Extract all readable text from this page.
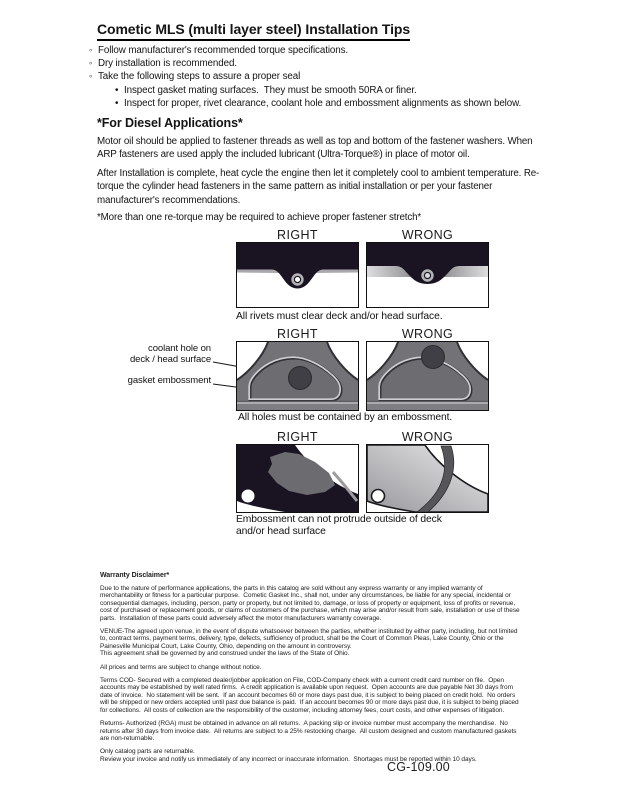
Cometic MLS (multi layer steel) Installation Tips
◦ Follow manufacturer's recommended torque specifications.
◦ Dry installation is recommended.
◦ Take the following steps to assure a proper seal
• Inspect gasket mating surfaces.  They must be smooth 50RA or finer.
• Inspect for proper, rivet clearance, coolant hole and embossment alignments as shown below.
*For Diesel Applications*

Motor oil should be applied to fastener threads as well as top and bottom of the fastener washers. When ARP fasteners are used apply the included lubricant (Ultra-Torque®) in place of motor oil.

After Installation is complete, heat cycle the engine then let it completely cool to ambient temperature. Re-torque the cylinder head fasteners in the same pattern as initial installation or per your fastener manufacturer's recommendations.

*More than one re-torque may be required to achieve proper fastener stretch*

RIGHT	WRONG
All rivets must clear deck and/or head surface.
RIGHT	WRONG
coolant hole on
deck / head surface
gasket embossment
All holes must be contained by an embossment.
RIGHT	WRONG
Embossment can not protrude outside of deck
and/or head surface
Warranty Disclaimer*

Due to the nature of performance applications, the parts in this catalog are sold without any express warranty or any implied warranty of merchantability or fitness for a particular purpose.  Cometic Gasket Inc., shall not, under any circumstances, be liable for any special, incidental or consequential damages, including, person, party or property, but not limited to, damage, or loss of property or equipment, loss of profits or revenue, cost of purchased or replacement goods, or claims of customers of the purchase, which may arise and/or result from sale, installation or use of these parts.  Installation of these parts could adversely affect the motor manufacturers warranty coverage.

VENUE-The agreed upon venue, in the event of dispute whatsoever between the parties, whether instituted by either party, including, but not limited to, contract terms, payment terms, delivery, type, defects, sufficiency of product, shall be the Court of Common Pleas, Lake County, Ohio or the Painesville Municipal Court, Lake County, Ohio, depending on the amount in controversy.

This agreement shall be governed by and construed under the laws of the State of Ohio.

All prices and terms are subject to change without notice.

Terms COD- Secured with a completed dealer/jobber application on File, COD-Company check with a current credit card number on file.  Open accounts may be established by well rated firms.  A credit application is available upon request.  Open accounts are due payable Net 30 days from date of invoice.  No statement will be sent.  If an account becomes 60 or more days past due, it is subject to being placed on credit hold.  No orders will be shipped or new orders accepted until past due balance is paid.  If an account becomes 90 or more days past due, it is subject to being placed for collections.  All costs of collection are the responsibility of the customer, including attorney fees, court costs, and other expenses of litigation.

Returns- Authorized (RGA) must be obtained in advance on all returns.  A packing slip or invoice number must accompany the merchandise.  No returns after 30 days from invoice date.  All returns are subject to a 25% restocking charge.  All custom designed and custom manufactured gaskets are non-returnable.

Only catalog parts are returnable.

Review your invoice and notify us immediately of any incorrect or inaccurate information.  Shortages must be reported within 10 days.

CG-109.00
